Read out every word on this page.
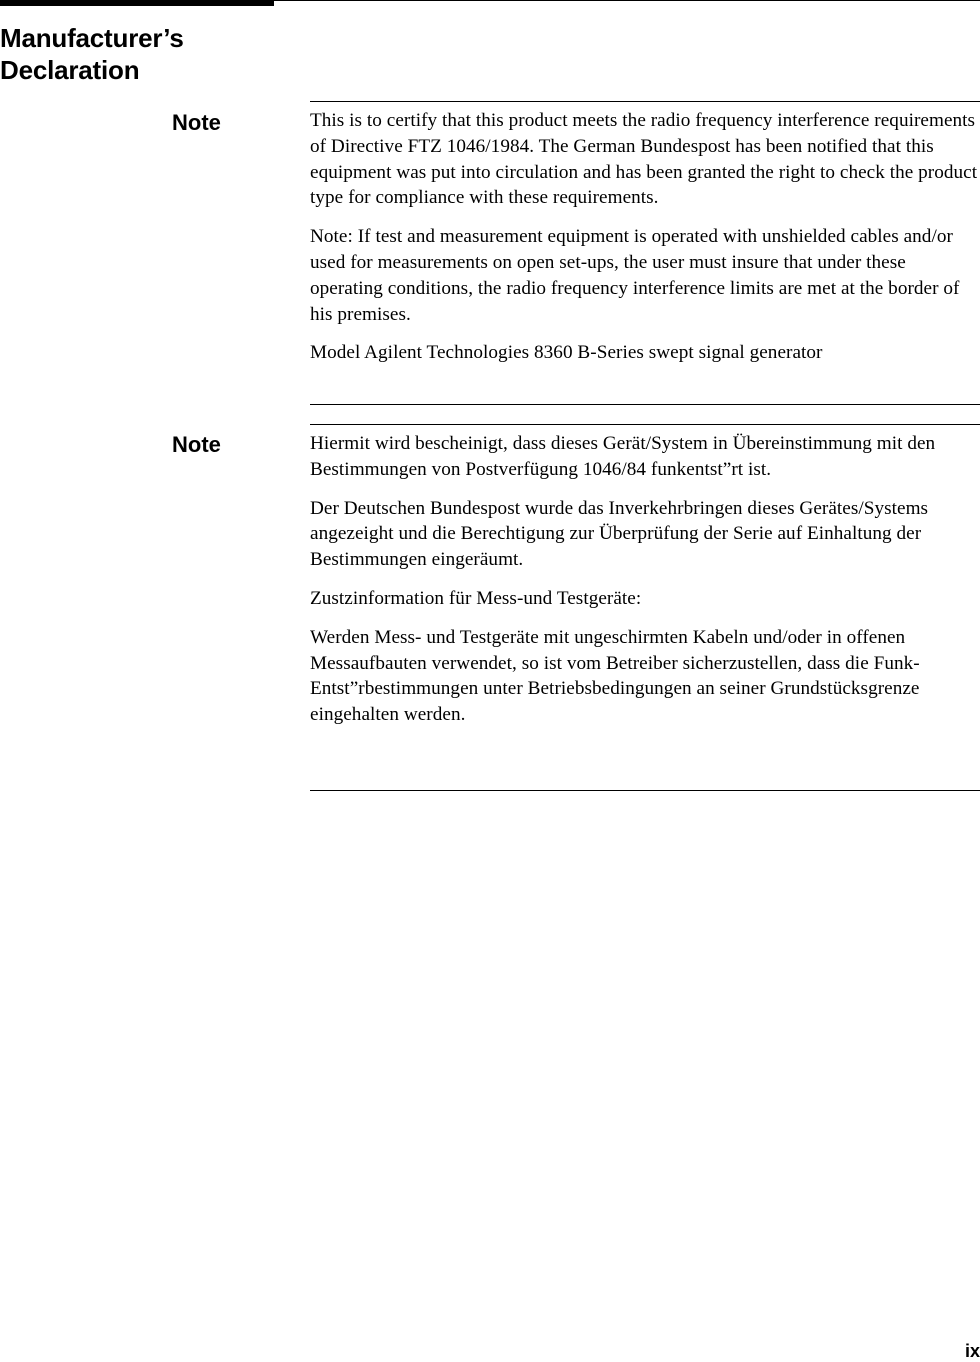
Manufacturer’s
Declaration
Note	This is to certify that this product meets the radio frequency interference requirements of Directive FTZ 1046/1984. The German Bundespost has been notified that this equipment was put into circulation and has been granted the right to check the product type for compliance with these requirements.

Note: If test and measurement equipment is operated with unshielded cables and/or used for measurements on open set-ups, the user must insure that under these operating conditions, the radio frequency interference limits are met at the border of his premises.

Model Agilent Technologies 8360 B-Series swept signal generator

Note	Hiermit wird bescheinigt, dass dieses Gerät/System in Übereinstimmung mit den Bestimmungen von Postverfügung 1046/84 funkentst”rt ist.

Der Deutschen Bundespost wurde das Inverkehrbringen dieses Gerätes/Systems angezeight und die Berechtigung zur Überprüfung der Serie auf Einhaltung der Bestimmungen eingeräumt.

Zustzinformation für Mess-und Testgeräte:

Werden Mess- und Testgeräte mit ungeschirmten Kabeln und/oder in offenen Messaufbauten verwendet, so ist vom Betreiber sicherzustellen, dass die Funk-Entst”rbestimmungen unter Betriebsbedingungen an seiner Grundstücksgrenze eingehalten werden.

ix
